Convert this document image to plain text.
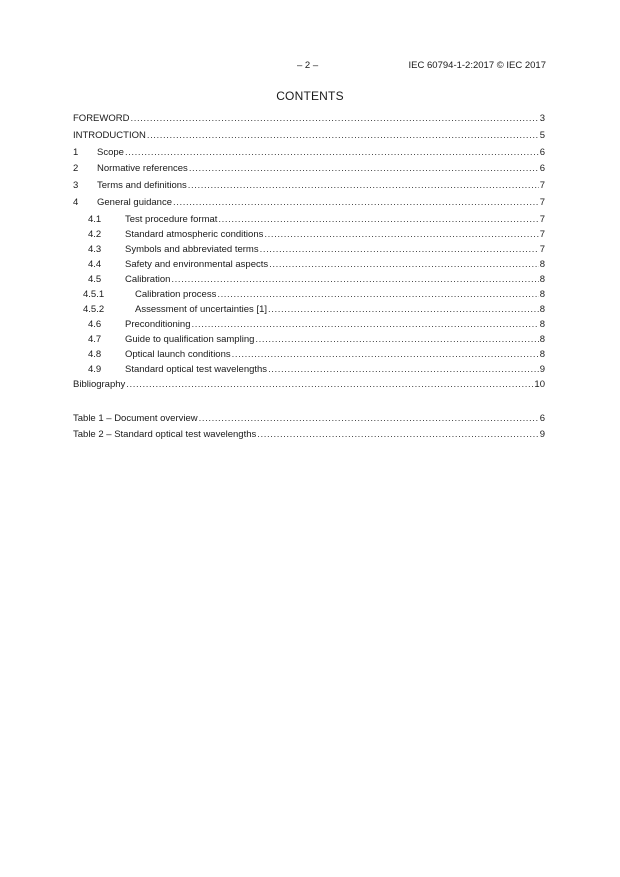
– 2 –	IEC 60794-1-2:2017 © IEC 2017
CONTENTS
FOREWORD .....	3
INTRODUCTION .....	5
1	Scope .....	6
2	Normative references .....	6
3	Terms and definitions .....	7
4	General guidance .....	7
4.1	Test procedure format .....	7
4.2	Standard atmospheric conditions .....	7
4.3	Symbols and abbreviated terms .....	7
4.4	Safety and environmental aspects .....	8
4.5	Calibration .....	8
4.5.1	Calibration process .....	8
4.5.2	Assessment of uncertainties [1] .....	8
4.6	Preconditioning .....	8
4.7	Guide to qualification sampling .....	8
4.8	Optical launch conditions .....	8
4.9	Standard optical test wavelengths .....	9
Bibliography .....	10
Table 1 – Document overview .....	6
Table 2 – Standard optical test wavelengths .....	9
